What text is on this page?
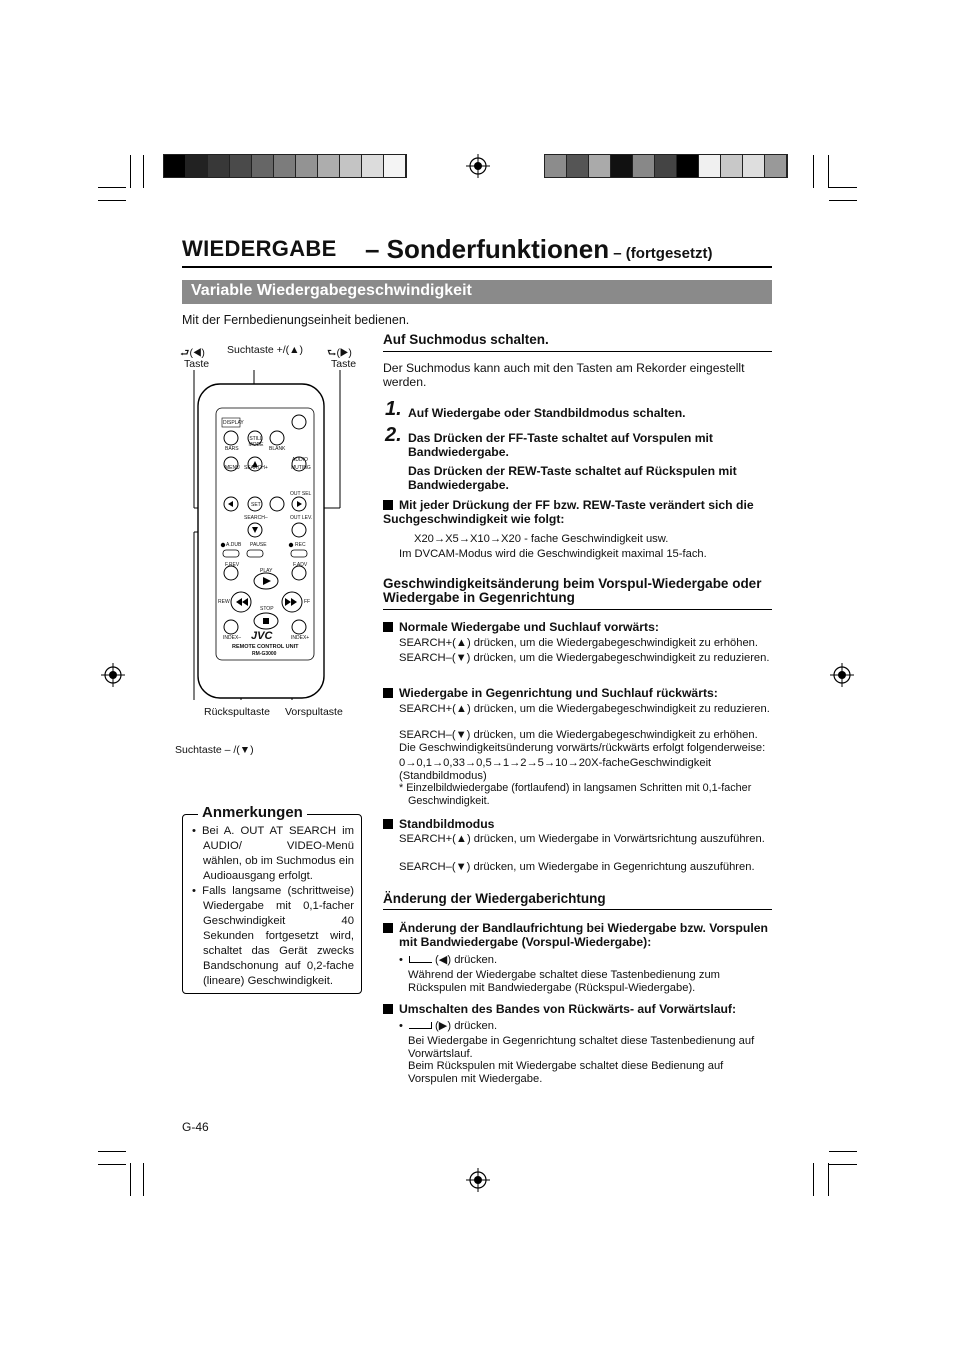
WIEDERGABE – Sonderfunktionen – (fortgesetzt)
Variable Wiedergabegeschwindigkeit
Mit der Fernbedienungseinheit bedienen.
⮐(◀)
Taste
Suchtaste +/(▲) ⮑(▶)
Taste
Rückspultaste Vorspultaste
Suchtaste – /(▼)
DISPLAY
BARS
STILL MODE
BLANK
AUDIO
MENU SEARCH+	MUTING
SET
OUT SEL
SEARCH–	OUT LEV.
A.DUB PAUSE	REC
F.REV
PLAY
F.ADV
REW
STOP
FF
INDEX–	INDEX+
JVC
REMOTE CONTROL UNIT
RM-G3000
Anmerkungen
• Bei A. OUT AT SEARCH im AUDIO/ VIDEO-Menü wählen, ob im Suchmodus ein Audioausgang erfolgt.
• Falls langsame (schrittweise) Wiedergabe mit 0,1-facher Geschwindigkeit 40 Sekunden fortgesetzt wird, schaltet das Gerät zwecks Bandschonung auf 0,2-fache (lineare) Geschwindigkeit.
Auf Suchmodus schalten.
Der Suchmodus kann auch mit den Tasten am Rekorder eingestellt werden.
1. Auf Wiedergabe oder Standbildmodus schalten.
2. Das Drücken der FF-Taste schaltet auf Vorspulen mit Bandwiedergabe.
Das Drücken der REW-Taste schaltet auf Rückspulen mit Bandwiedergabe.
Mit jeder Drückung der FF bzw. REW-Taste verändert sich die Suchgeschwindigkeit wie folgt:
X20→X5→X10→X20 - fache Geschwindigkeit usw.
Im DVCAM-Modus wird die Geschwindigkeit maximal 15-fach.
Geschwindigkeitsänderung beim Vorspul-Wiedergabe oder Wiedergabe in Gegenrichtung
Normale Wiedergabe und Suchlauf vorwärts:
SEARCH+(▲) drücken, um die Wiedergabegeschwindigkeit zu erhöhen.
SEARCH–(▼) drücken, um die Wiedergabegeschwindigkeit zu reduzieren.
Wiedergabe in Gegenrichtung und Suchlauf rückwärts:
SEARCH+(▲) drücken, um die Wiedergabegeschwindigkeit zu reduzieren.
SEARCH–(▼) drücken, um die Wiedergabegeschwindigkeit zu erhöhen.
Die Geschwindigkeitsünderung vorwärts/rückwärts erfolgt folgenderweise:
0→0,1→0,33→0,5→1→2→5→10→20X-facheGeschwindigkeit (Standbildmodus)
* Einzelbildwiedergabe (fortlaufend) in langsamen Schritten mit 0,1-facher Geschwindigkeit.
Standbildmodus
SEARCH+(▲) drücken, um Wiedergabe in Vorwärtsrichtung auszuführen.
SEARCH–(▼) drücken, um Wiedergabe in Gegenrichtung auszuführen.
Änderung der Wiedergaberichtung
Änderung der Bandlaufrichtung bei Wiedergabe bzw. Vorspulen mit Bandwiedergabe (Vorspul-Wiedergabe):
•	(◀) drücken.
Während der Wiedergabe schaltet diese Tastenbedienung zum Rückspulen mit Bandwiedergabe (Rückspul-Wiedergabe).
Umschalten des Bandes von Rückwärts- auf Vorwärtslauf:
•	(▶) drücken.
Bei Wiedergabe in Gegenrichtung schaltet diese Tastenbedienung auf Vorwärtslauf.
Beim Rückspulen mit Wiedergabe schaltet diese Bedienung auf Vorspulen mit Wiedergabe.
G-46
